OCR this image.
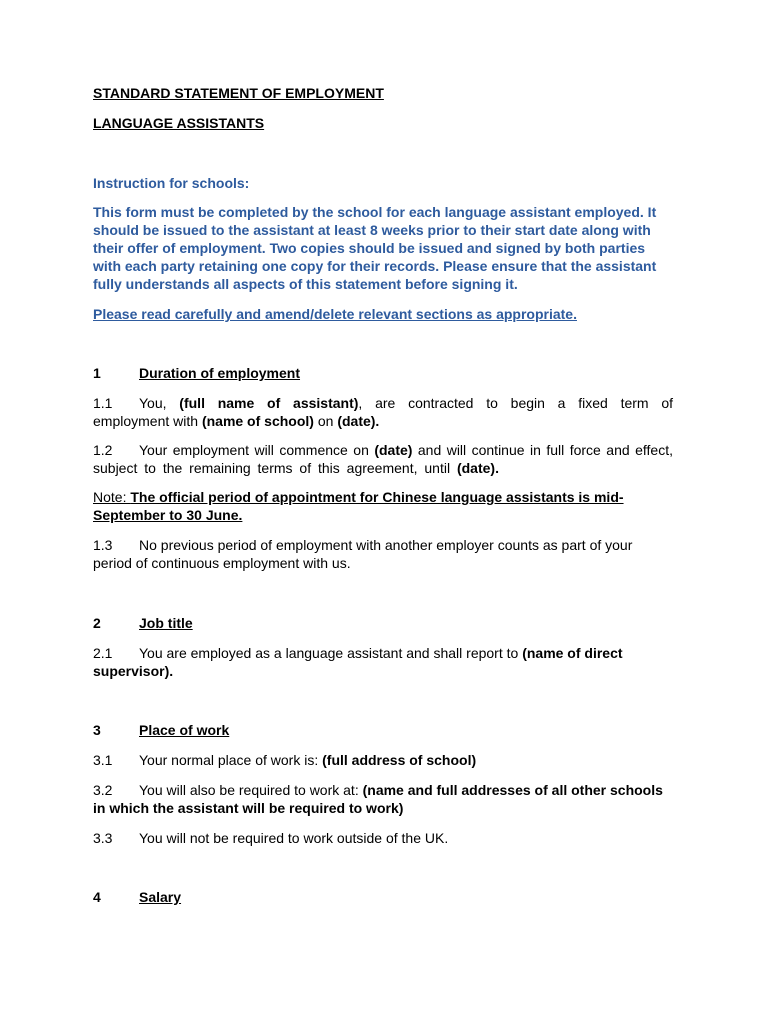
STANDARD STATEMENT OF EMPLOYMENT
LANGUAGE ASSISTANTS
Instruction for schools:
This form must be completed by the school for each language assistant employed. It
should be issued to the assistant at least 8 weeks prior to their start date along with
their offer of employment. Two copies should be issued and signed by both parties
with each party retaining one copy for their records. Please ensure that the assistant
fully understands all aspects of this statement before signing it.
Please read carefully and amend/delete relevant sections as appropriate.
1	Duration of employment
1.1 You, (full name of assistant), are contracted to begin a fixed term of
employment with (name of school) on (date).
1.2 Your employment will commence on (date) and will continue in full force and effect,
subject to the remaining terms of this agreement, until (date).
Note: The official period of appointment for Chinese language assistants is mid-
September to 30 June.
1.3 No previous period of employment with another employer counts as part of your
period of continuous employment with us.
2	Job title
2.1 You are employed as a language assistant and shall report to (name of direct
supervisor).
3	Place of work
3.1 Your normal place of work is: (full address of school)
3.2 You will also be required to work at: (name and full addresses of all other schools
in which the assistant will be required to work)
3.3 You will not be required to work outside of the UK.
4	Salary
